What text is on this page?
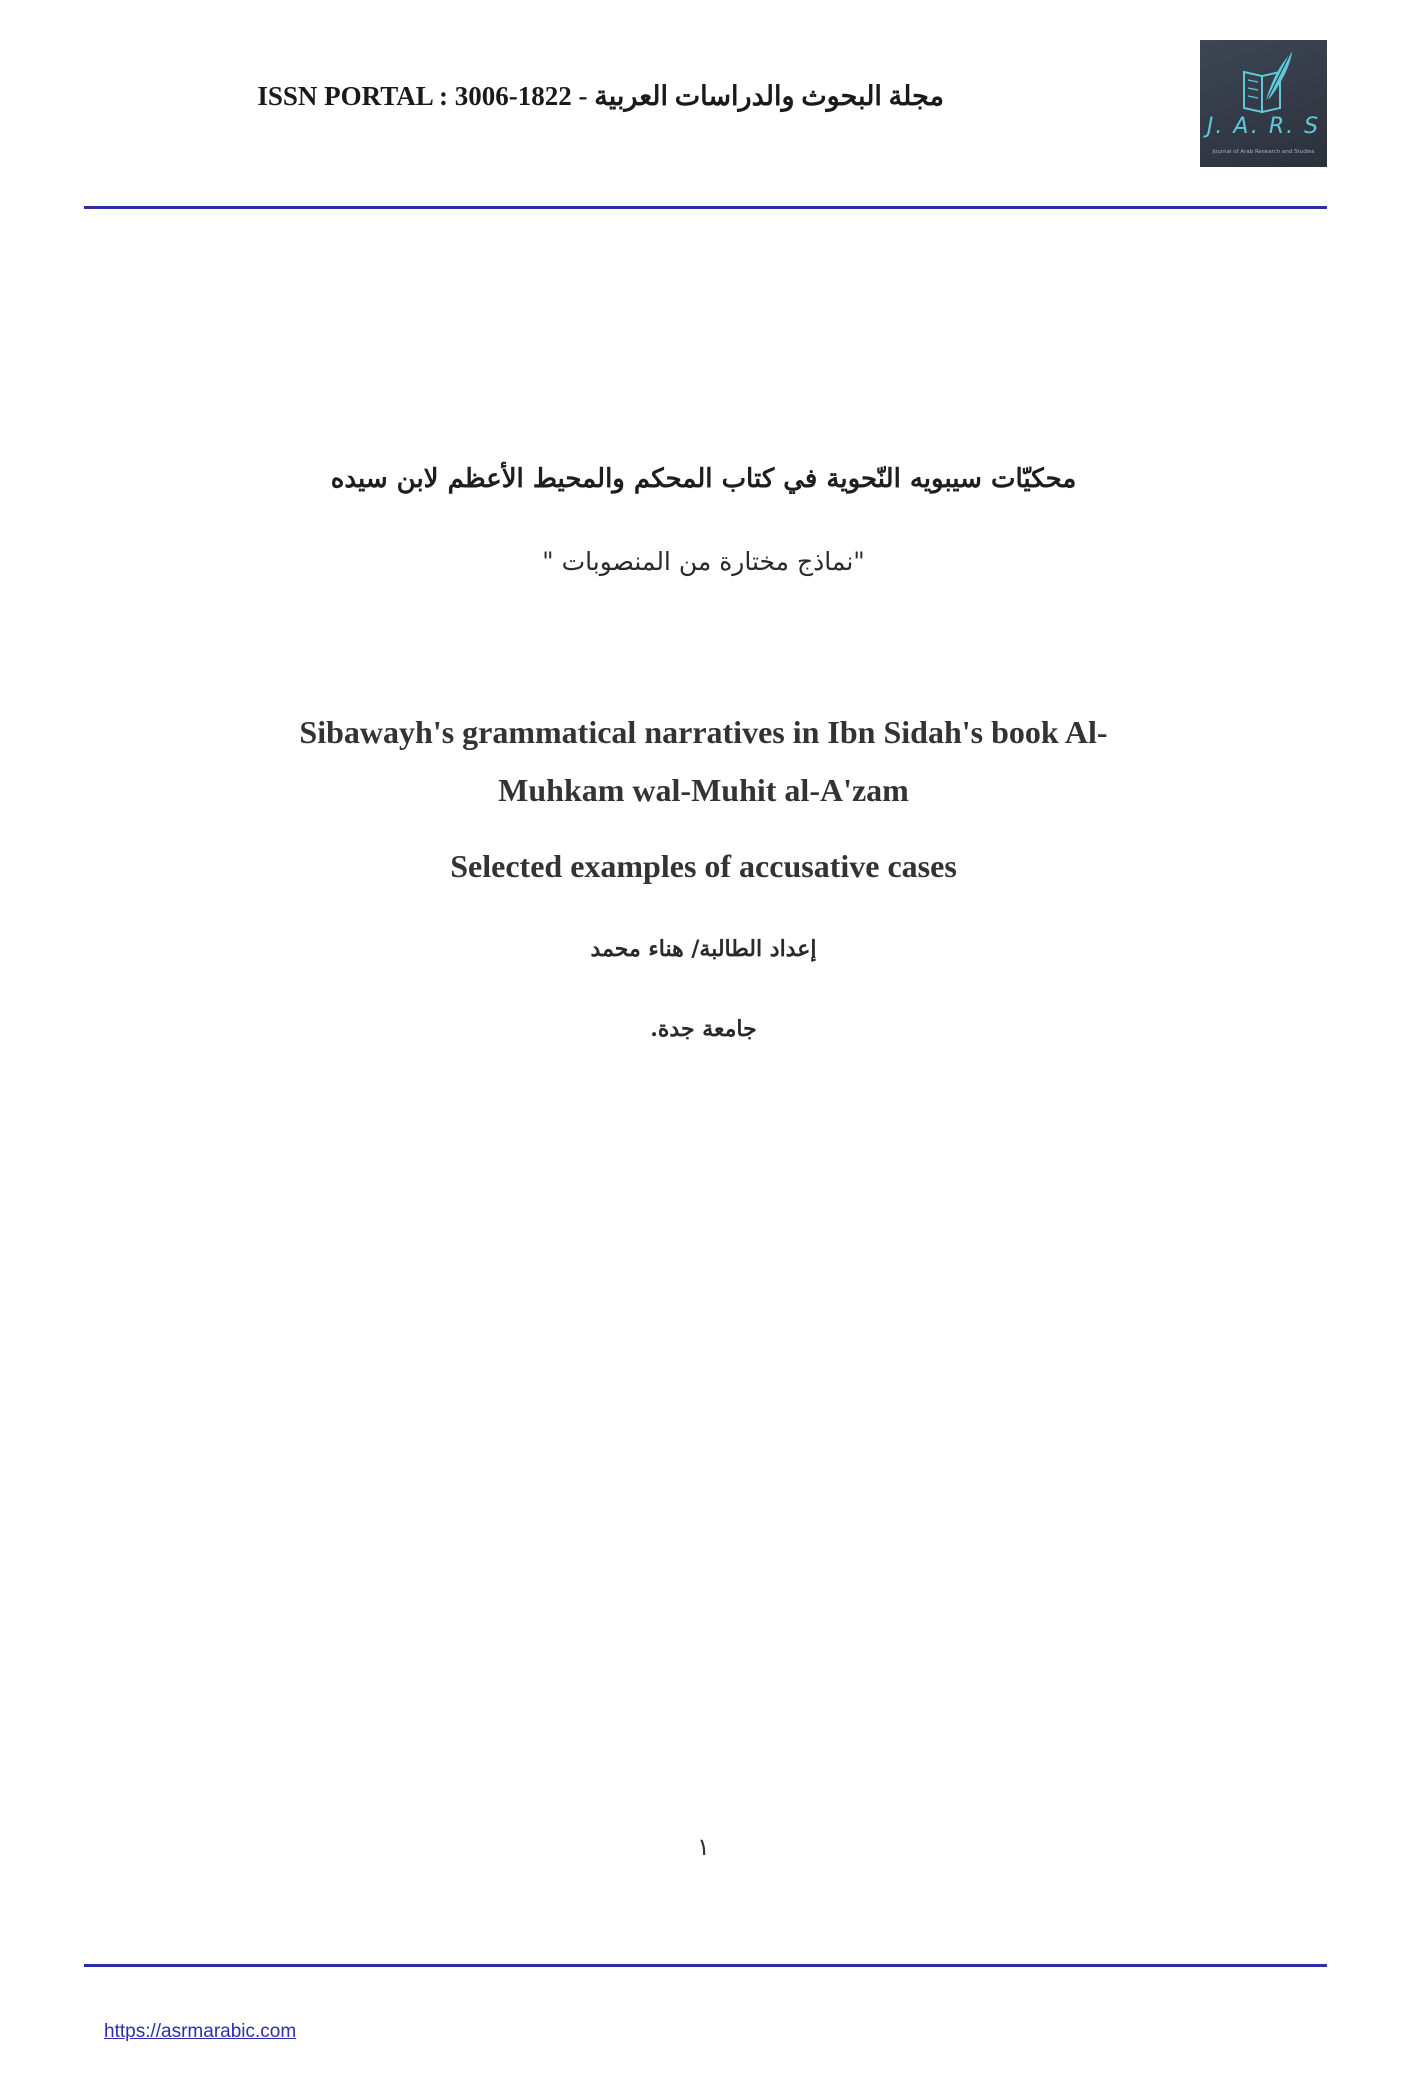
مجلة البحوث والدراسات العربية - ISSN PORTAL : 3006-1822
J. A. R. S
Journal of Arab Research and Studies
محكيّات سيبويه النّحوية في كتاب المحكم والمحيط الأعظم لابن سيده
"نماذج مختارة من المنصوبات "
Sibawayh's grammatical narratives in Ibn Sidah's book Al-
Muhkam wal-Muhit al-A'zam
Selected examples of accusative cases
إعداد الطالبة/ هناء محمد
جامعة جدة.
١
https://asrmarabic.com
